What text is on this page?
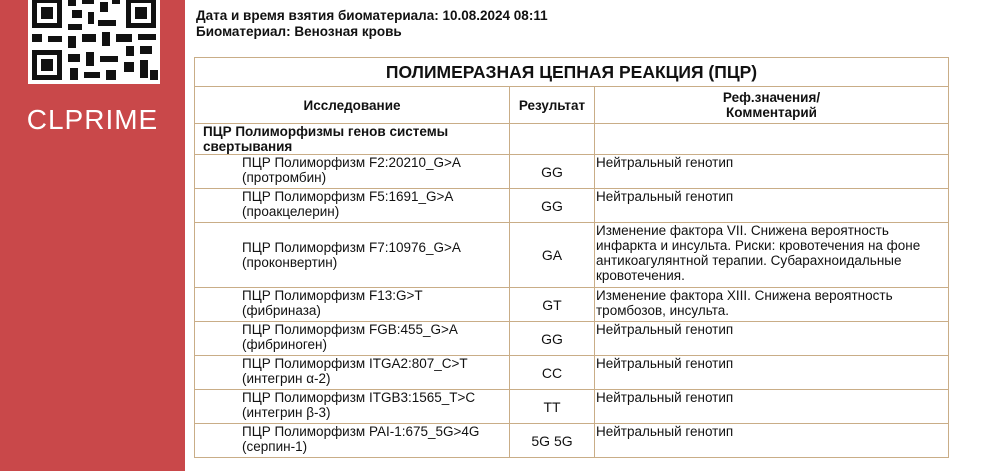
CLPRIME
Дата и время взятия биоматериала: 10.08.2024 08:11
Биоматериал: Венозная кровь
ПОЛИМЕРАЗНАЯ ЦЕПНАЯ РЕАКЦИЯ (ПЦР)		
Исследование	Результат	Реф.значения/
Комментарий

ПЦР Полиморфизмы генов системы свертывания		

ПЦР Полиморфизм F2:20210_G>A
(протромбин)	GG	Нейтральный генотип

ПЦР Полиморфизм F5:1691_G>A
(проакцелерин)	GG	Нейтральный генотип

ПЦР Полиморфизм F7:10976_G>A
(проконвертин)	GA	Изменение фактора VII. Снижена вероятность инфаркта и инсульта. Риски: кровотечения на фоне антикоагулянтной терапии. Субарахноидальные кровотечения.

ПЦР Полиморфизм F13:G>T
(фибриназа)	GT	Изменение фактора XIII. Снижена вероятность тромбозов, инсульта.

ПЦР Полиморфизм FGB:455_G>A
(фибриноген)	GG	Нейтральный генотип

ПЦР Полиморфизм ITGA2:807_C>T
(интегрин α-2)	CC	Нейтральный генотип

ПЦР Полиморфизм ITGB3:1565_T>C
(интегрин β-3)	TT	Нейтральный генотип

ПЦР Полиморфизм PAI-1:675_5G>4G
(серпин-1)	5G 5G	Нейтральный генотип
